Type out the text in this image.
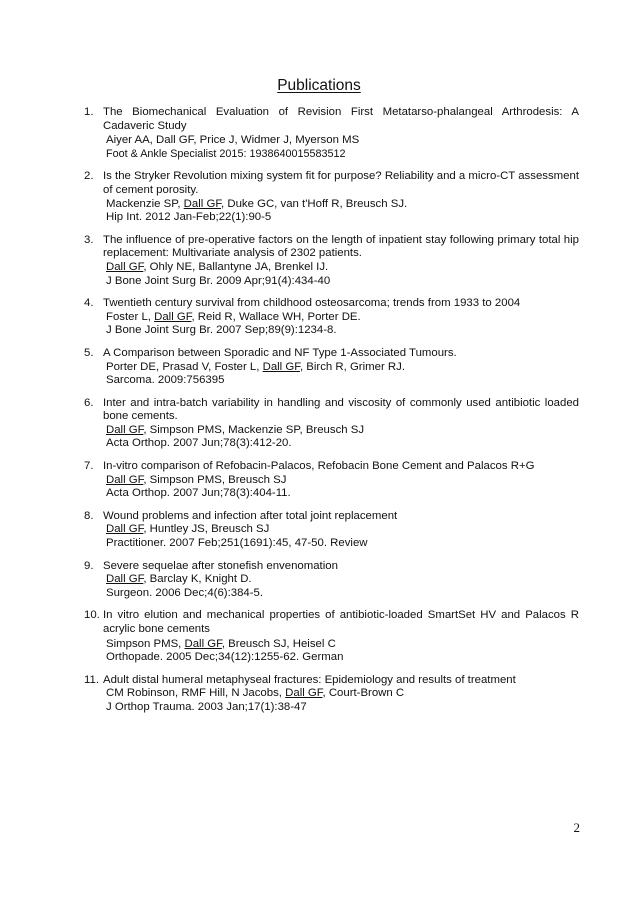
Publications
1. The Biomechanical Evaluation of Revision First Metatarso-phalangeal Arthrodesis: A Cadaveric Study
Aiyer AA, Dall GF, Price J, Widmer J, Myerson MS
Foot & Ankle Specialist 2015: 1938640015583512
2. Is the Stryker Revolution mixing system fit for purpose? Reliability and a micro-CT assessment of cement porosity.
Mackenzie SP, Dall GF, Duke GC, van t'Hoff R, Breusch SJ.
Hip Int. 2012 Jan-Feb;22(1):90-5
3. The influence of pre-operative factors on the length of inpatient stay following primary total hip replacement: Multivariate analysis of 2302 patients.
Dall GF, Ohly NE, Ballantyne JA, Brenkel IJ.
J Bone Joint Surg Br. 2009 Apr;91(4):434-40
4. Twentieth century survival from childhood osteosarcoma; trends from 1933 to 2004
Foster L, Dall GF, Reid R, Wallace WH, Porter DE.
J Bone Joint Surg Br. 2007 Sep;89(9):1234-8.
5. A Comparison between Sporadic and NF Type 1-Associated Tumours.
Porter DE, Prasad V, Foster L, Dall GF, Birch R, Grimer RJ.
Sarcoma. 2009:756395
6. Inter and intra-batch variability in handling and viscosity of commonly used antibiotic loaded bone cements.
Dall GF, Simpson PMS, Mackenzie SP, Breusch SJ
Acta Orthop. 2007 Jun;78(3):412-20.
7. In-vitro comparison of Refobacin-Palacos, Refobacin Bone Cement and Palacos R+G
Dall GF, Simpson PMS, Breusch SJ
Acta Orthop. 2007 Jun;78(3):404-11.
8. Wound problems and infection after total joint replacement
Dall GF, Huntley JS, Breusch SJ
Practitioner. 2007 Feb;251(1691):45, 47-50. Review
9. Severe sequelae after stonefish envenomation
Dall GF, Barclay K, Knight D.
Surgeon. 2006 Dec;4(6):384-5.
10. In vitro elution and mechanical properties of antibiotic-loaded SmartSet HV and Palacos R acrylic bone cements
Simpson PMS, Dall GF, Breusch SJ, Heisel C
Orthopade. 2005 Dec;34(12):1255-62. German
11. Adult distal humeral metaphyseal fractures: Epidemiology and results of treatment
CM Robinson, RMF Hill, N Jacobs, Dall GF, Court-Brown C
J Orthop Trauma. 2003 Jan;17(1):38-47
2
